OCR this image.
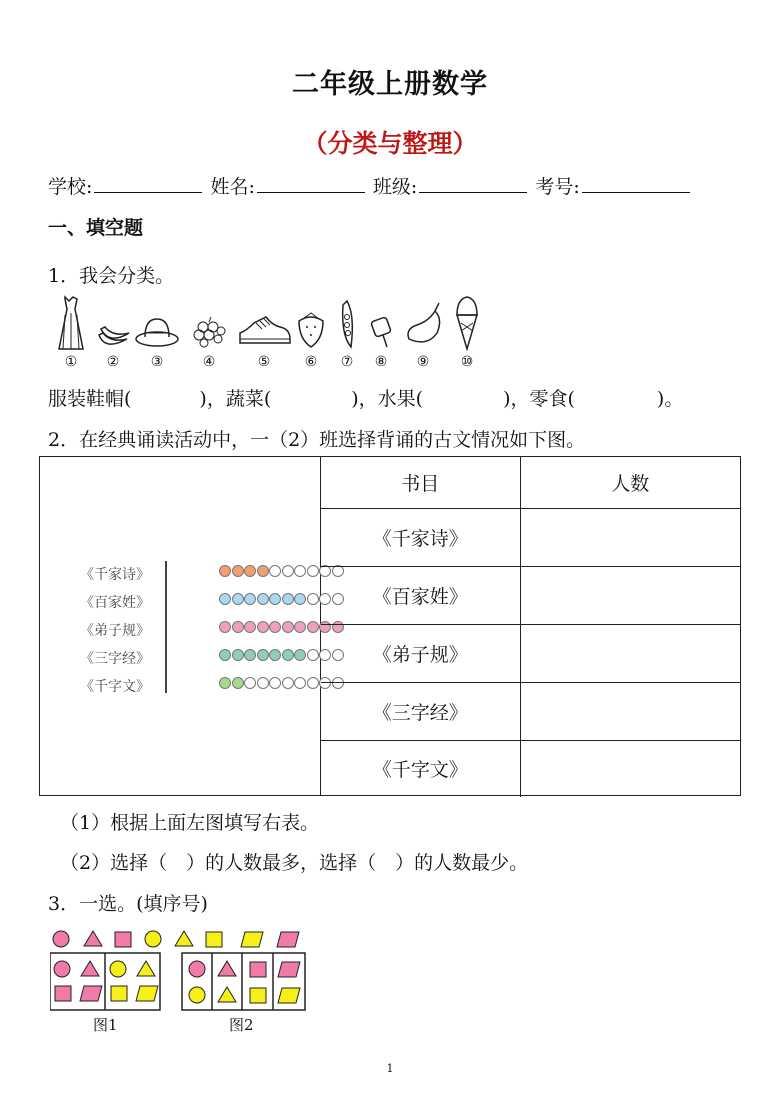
二年级上册数学
（分类与整理）
学校:	姓名:	班级:	考号:
一、填空题
1．我会分类。
①	②	③	④	⑤	⑥	⑦	⑧	⑨	⑩
服装鞋帽(	)，蔬菜(	)，水果(	)，零食(	)。
2．在经典诵读活动中，一（2）班选择背诵的古文情况如下图。
《千家诗》
《百家姓》
《弟子规》
《三字经》
《千字文》
书目	人数
《千家诗》	
《百家姓》	
《弟子规》	
《三字经》	
《千字文》	
（1）根据上面左图填写右表。
（2）选择（　）的人数最多，选择（　）的人数最少。
3．一选。(填序号)
图1	图2
1
